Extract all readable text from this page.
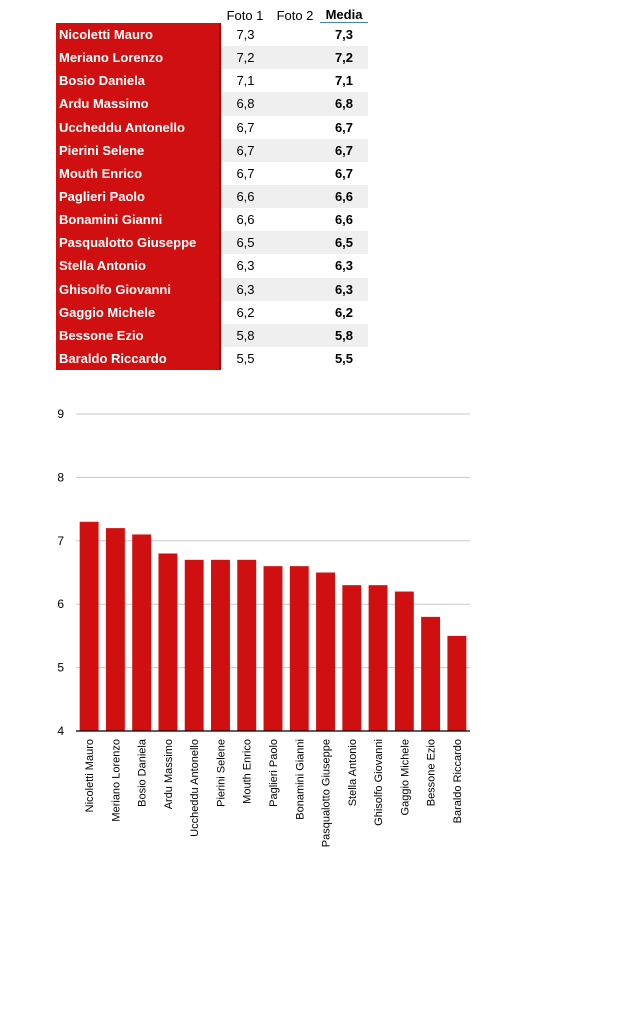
	Foto 1	Foto 2	Media
Nicoletti Mauro	7,3		7,3
Meriano Lorenzo	7,2		7,2
Bosio Daniela	7,1		7,1
Ardu Massimo	6,8		6,8
Uccheddu Antonello	6,7		6,7
Pierini Selene	6,7		6,7
Mouth Enrico	6,7		6,7
Paglieri Paolo	6,6		6,6
Bonamini Gianni	6,6		6,6
Pasqualotto Giuseppe	6,5		6,5
Stella Antonio	6,3		6,3
Ghisolfo Giovanni	6,3		6,3
Gaggio Michele	6,2		6,2
Bessone Ezio	5,8		5,8
Baraldo Riccardo	5,5		5,5
4
5
6
7
8
9
Nicoletti Mauro Meriano Lorenzo Bosio Daniela Ardu Massimo Uccheddu Antonello Pierini Selene Mouth Enrico Paglieri Paolo Bonamini Gianni Pasqualotto Giuseppe Stella Antonio Ghisolfo Giovanni Gaggio Michele Bessone Ezio Baraldo Riccardo
